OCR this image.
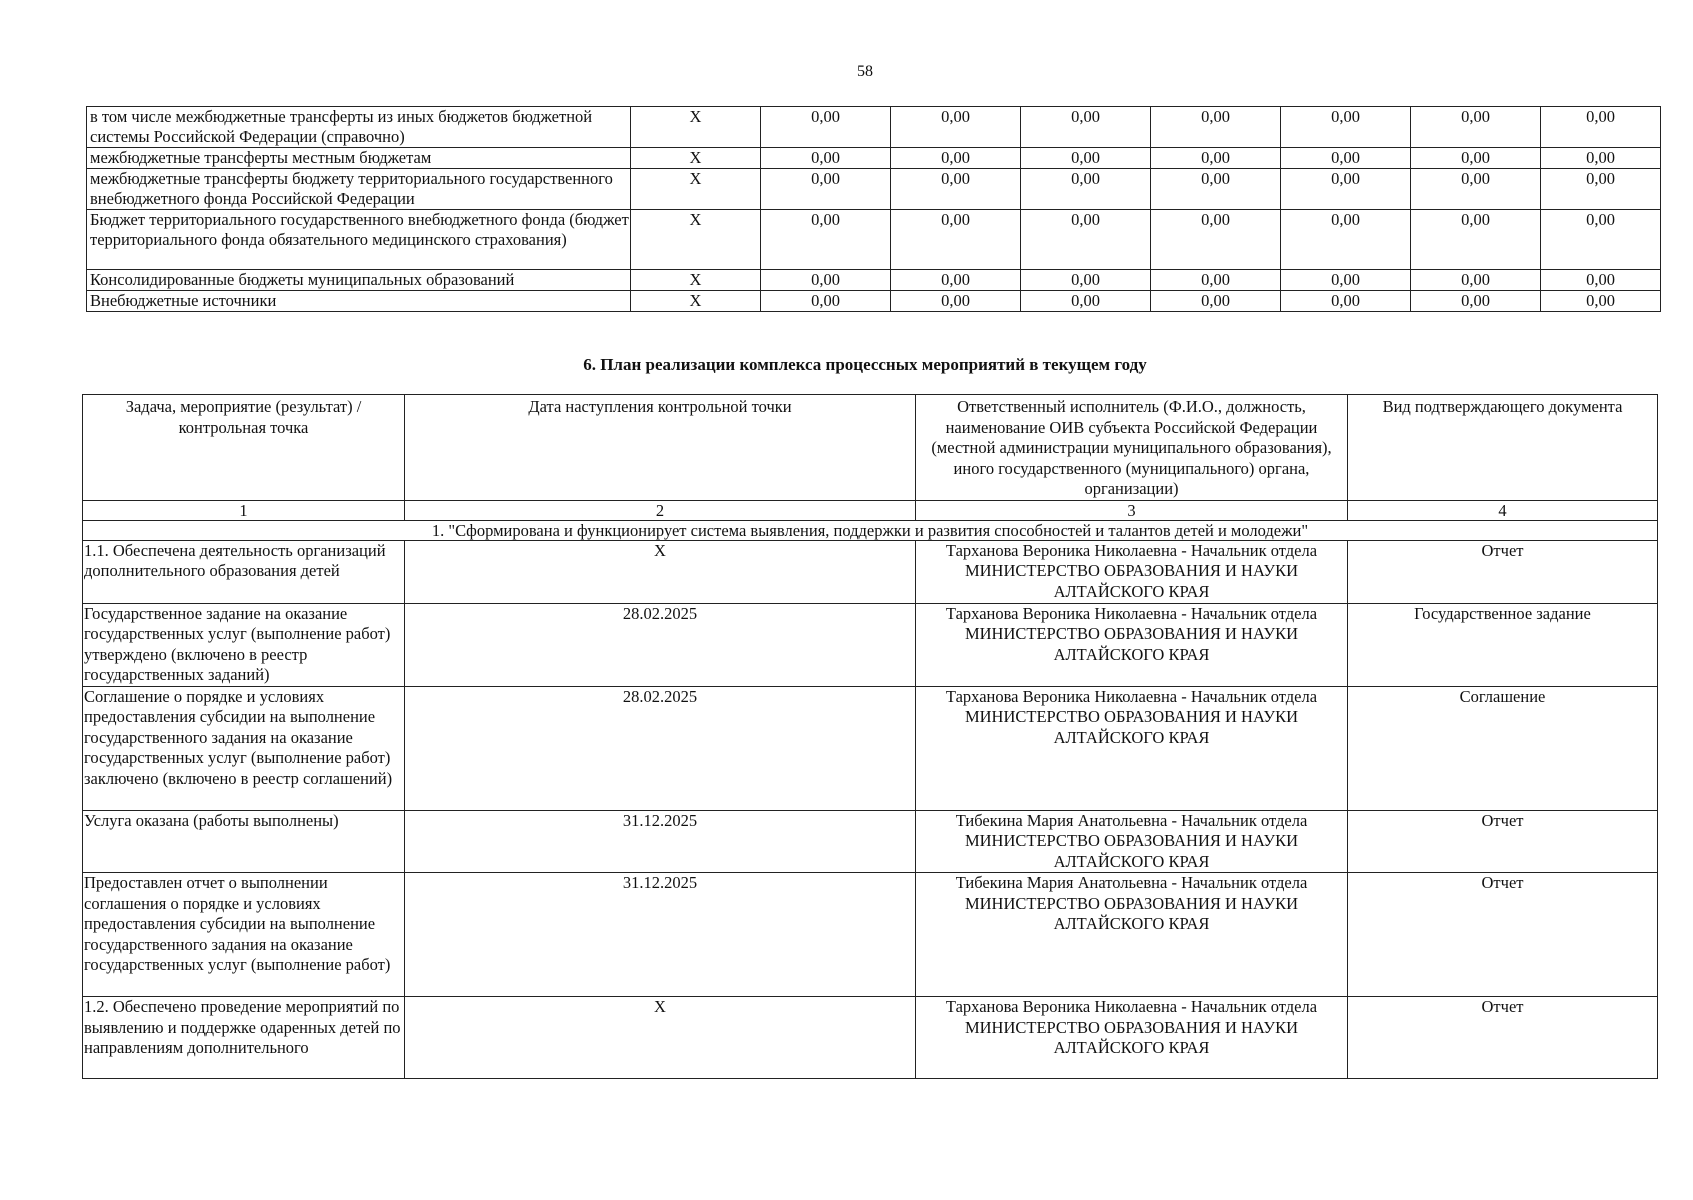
58
в том числе межбюджетные трансферты из иных бюджетов бюджетной системы Российской Федерации (справочно)	X	0,00	0,00	0,00	0,00	0,00	0,00	0,00
межбюджетные трансферты местным бюджетам	X	0,00	0,00	0,00	0,00	0,00	0,00	0,00
межбюджетные трансферты бюджету территориального государственного внебюджетного фонда Российской Федерации	X	0,00	0,00	0,00	0,00	0,00	0,00	0,00
Бюджет территориального государственного внебюджетного фонда (бюджет территориального фонда обязательного медицинского страхования)	X	0,00	0,00	0,00	0,00	0,00	0,00	0,00
Консолидированные бюджеты муниципальных образований	X	0,00	0,00	0,00	0,00	0,00	0,00	0,00
Внебюджетные источники	X	0,00	0,00	0,00	0,00	0,00	0,00	0,00
6. План реализации комплекса процессных мероприятий в текущем году
Задача, мероприятие (результат) / контрольная точка	Дата наступления контрольной точки	Ответственный исполнитель (Ф.И.О., должность, наименование ОИВ субъекта Российской Федерации (местной администрации муниципального образования), иного государственного (муниципального) органа, организации)	Вид подтверждающего документа
1	2	3	4
1. "Сформирована и функционирует система выявления, поддержки и развития способностей и талантов детей и молодежи"			
1.1. Обеспечена деятельность организаций дополнительного образования детей	X	Тарханова Вероника Николаевна - Начальник отдела МИНИСТЕРСТВО ОБРАЗОВАНИЯ И НАУКИ АЛТАЙСКОГО КРАЯ	Отчет
Государственное задание на оказание государственных услуг (выполнение работ) утверждено (включено в реестр государственных заданий)	28.02.2025	Тарханова Вероника Николаевна - Начальник отдела МИНИСТЕРСТВО ОБРАЗОВАНИЯ И НАУКИ АЛТАЙСКОГО КРАЯ	Государственное задание
Соглашение о порядке и условиях предоставления субсидии на выполнение государственного задания на оказание государственных услуг (выполнение работ) заключено (включено в реестр соглашений)	28.02.2025	Тарханова Вероника Николаевна - Начальник отдела МИНИСТЕРСТВО ОБРАЗОВАНИЯ И НАУКИ АЛТАЙСКОГО КРАЯ	Соглашение
Услуга оказана (работы выполнены)	31.12.2025	Тибекина Мария Анатольевна - Начальник отдела МИНИСТЕРСТВО ОБРАЗОВАНИЯ И НАУКИ АЛТАЙСКОГО КРАЯ	Отчет
Предоставлен отчет о выполнении соглашения о порядке и условиях предоставления субсидии на выполнение государственного задания на оказание государственных услуг (выполнение работ)	31.12.2025	Тибекина Мария Анатольевна - Начальник отдела МИНИСТЕРСТВО ОБРАЗОВАНИЯ И НАУКИ АЛТАЙСКОГО КРАЯ	Отчет
1.2. Обеспечено проведение мероприятий по выявлению и поддержке одаренных детей по направлениям дополнительного	X	Тарханова Вероника Николаевна - Начальник отдела МИНИСТЕРСТВО ОБРАЗОВАНИЯ И НАУКИ АЛТАЙСКОГО КРАЯ	Отчет
